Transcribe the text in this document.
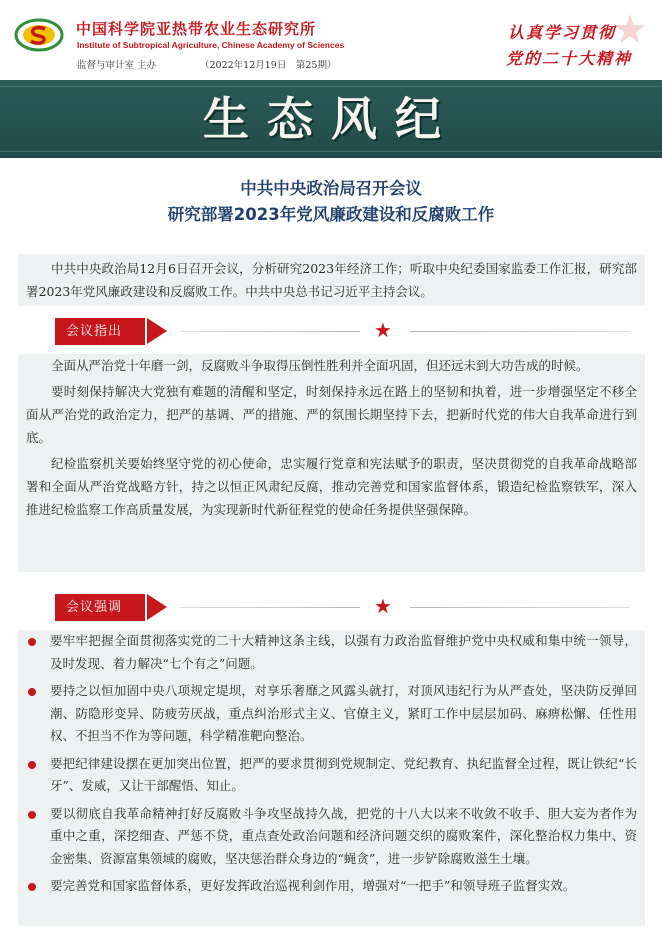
中国科学院亚热带农业生态研究所
Institute of Subtropical Agriculture, Chinese Academy of Sciences
监督与审计室 主办	（2022年12月19日　第25期）
★
认真学习贯彻
党的二十大精神
生态风纪
中共中央政治局召开会议
研究部署2023年党风廉政建设和反腐败工作

中共中央政治局12月6日召开会议，分析研究2023年经济工作；听取中央纪委国家监委工作汇报，研究部署2023年党风廉政建设和反腐败工作。中共中央总书记习近平主持会议。

会议指出	★

全面从严治党十年磨一剑，反腐败斗争取得压倒性胜利并全面巩固，但还远未到大功告成的时候。

要时刻保持解决大党独有难题的清醒和坚定，时刻保持永远在路上的坚韧和执着，进一步增强坚定不移全面从严治党的政治定力，把严的基调、严的措施、严的氛围长期坚持下去，把新时代党的伟大自我革命进行到底。

纪检监察机关要始终坚守党的初心使命，忠实履行党章和宪法赋予的职责，坚决贯彻党的自我革命战略部署和全面从严治党战略方针，持之以恒正风肃纪反腐，推动完善党和国家监督体系，锻造纪检监察铁军，深入推进纪检监察工作高质量发展，为实现新时代新征程党的使命任务提供坚强保障。

会议强调	★
要牢牢把握全面贯彻落实党的二十大精神这条主线，以强有力政治监督维护党中央权威和集中统一领导，及时发现、着力解决“七个有之”问题。
要持之以恒加固中央八项规定堤坝，对享乐奢靡之风露头就打，对顶风违纪行为从严查处，坚决防反弹回潮、防隐形变异、防疲劳厌战，重点纠治形式主义、官僚主义，紧盯工作中层层加码、麻痹松懈、任性用权、不担当不作为等问题，科学精准靶向整治。
要把纪律建设摆在更加突出位置，把严的要求贯彻到党规制定、党纪教育、执纪监督全过程，既让铁纪“长牙”、发威，又让干部醒悟、知止。
要以彻底自我革命精神打好反腐败斗争攻坚战持久战，把党的十八大以来不收敛不收手、胆大妄为者作为重中之重，深挖细查、严惩不贷，重点查处政治问题和经济问题交织的腐败案件，深化整治权力集中、资金密集、资源富集领域的腐败，坚决惩治群众身边的“蝇贪”，进一步铲除腐败滋生土壤。
要完善党和国家监督体系，更好发挥政治巡视利剑作用，增强对“一把手”和领导班子监督实效。
